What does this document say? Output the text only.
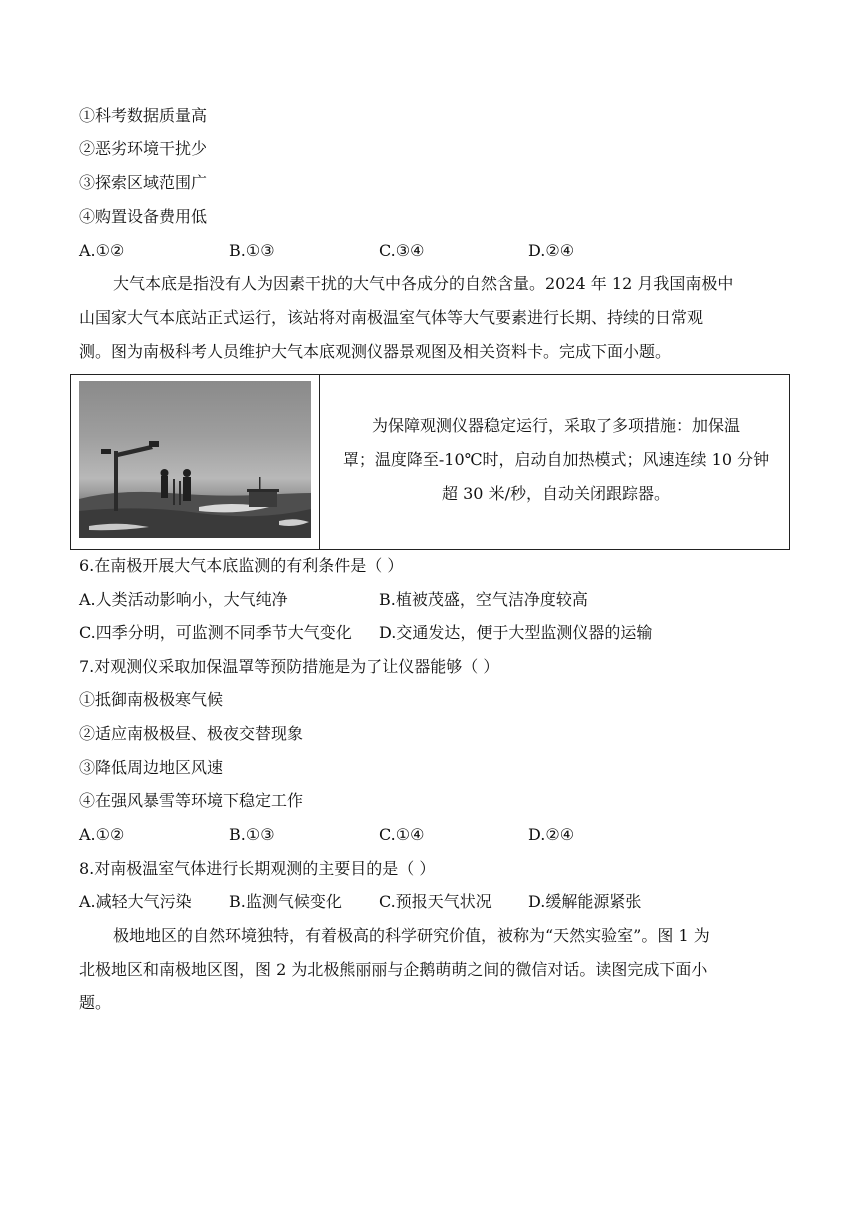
①科考数据质量高
②恶劣环境干扰少
③探索区域范围广
④购置设备费用低
A.①②	B.①③	C.③④	D.②④
大气本底是指没有人为因素干扰的大气中各成分的自然含量。2024 年 12 月我国南极中
山国家大气本底站正式运行，该站将对南极温室气体等大气要素进行长期、持续的日常观
测。图为南极科考人员维护大气本底观测仪器景观图及相关资料卡。完成下面小题。
为保障观测仪器稳定运行，采取了多项措施：加保温
罩；温度降至-10℃时，启动自加热模式；风速连续 10 分钟
超 30 米/秒，自动关闭跟踪器。
6.在南极开展大气本底监测的有利条件是（ ）
A.人类活动影响小，大气纯净	B.植被茂盛，空气洁净度较高
C.四季分明，可监测不同季节大气变化 D.交通发达，便于大型监测仪器的运输
7.对观测仪采取加保温罩等预防措施是为了让仪器能够（ ）
①抵御南极极寒气候
②适应南极极昼、极夜交替现象
③降低周边地区风速
④在强风暴雪等环境下稳定工作
A.①②	B.①③	C.①④	D.②④
8.对南极温室气体进行长期观测的主要目的是（ ）
A.减轻大气污染 B.监测气候变化 C.预报天气状况 D.缓解能源紧张
极地地区的自然环境独特，有着极高的科学研究价值，被称为“天然实验室”。图 1 为
北极地区和南极地区图，图 2 为北极熊丽丽与企鹅萌萌之间的微信对话。读图完成下面小
题。
